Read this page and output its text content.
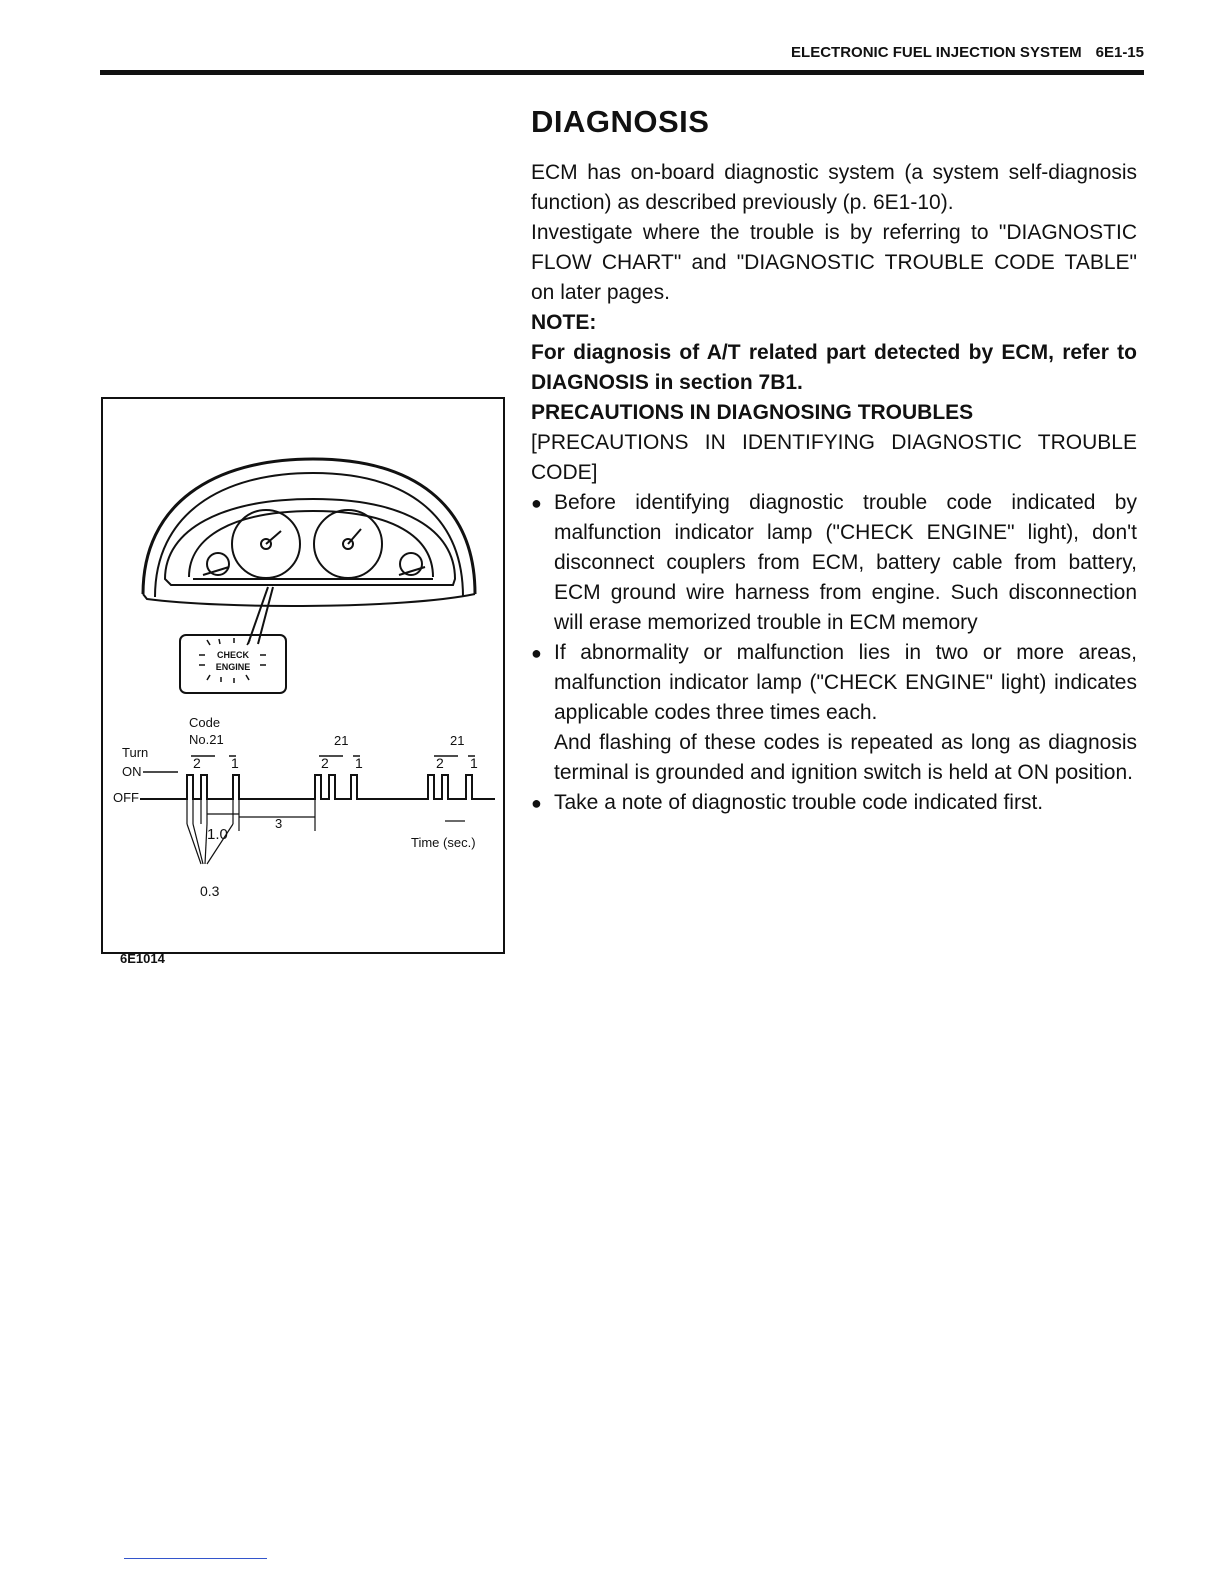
ELECTRONIC FUEL INJECTION SYSTEM 6E1-15
DIAGNOSIS

ECM has on-board diagnostic system (a system self-diagnosis function) as described previously (p. 6E1-10).

Investigate where the trouble is by referring to "DIAGNOSTIC FLOW CHART" and "DIAGNOSTIC TROUBLE CODE TABLE" on later pages.

NOTE:

For diagnosis of A/T related part detected by ECM, refer to DIAGNOSIS in section 7B1.

PRECAUTIONS IN DIAGNOSING TROUBLES

[PRECAUTIONS IN IDENTIFYING DIAGNOSTIC TROUBLE CODE]

● Before identifying diagnostic trouble code indicated by malfunction indicator lamp ("CHECK ENGINE" light), don't disconnect couplers from ECM, battery cable from battery, ECM ground wire harness from engine. Such disconnection will erase memorized trouble in ECM memory
● If abnormality or malfunction lies in two or more areas, malfunction indicator lamp ("CHECK ENGINE" light) indicates applicable codes three times each.

And flashing of these codes is repeated as long as diagnosis terminal is grounded and ignition switch is held at ON position.

● Take a note of diagnostic trouble code indicated first.
CHECK
ENGINE
Code
No.21	21	21
Turn
ON
OFF
2 1	2 1	2 1
1.0
3
0.3
Time (sec.)
6E1014
